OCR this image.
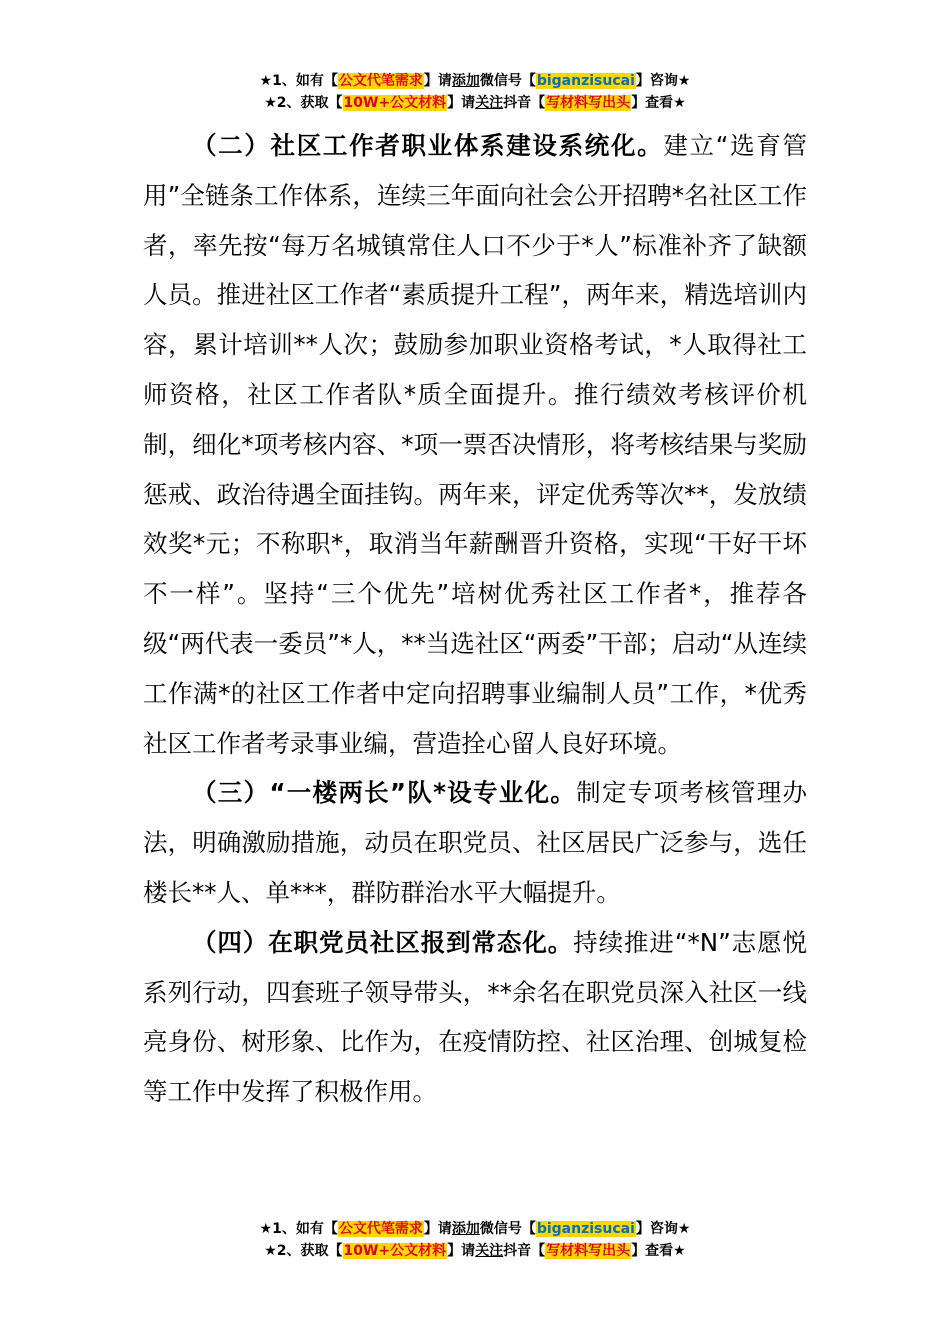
★1、如有【公文代笔需求】请添加微信号【biganzisucai】咨询★
★2、获取【10W+公文材料】请关注抖音【写材料写出头】查看★

（二）社区工作者职业体系建设系统化。建立“选育管用”全链条工作体系，连续三年面向社会公开招聘*名社区工作者，率先按“每万名城镇常住人口不少于*人”标准补齐了缺额人员。推进社区工作者“素质提升工程”，两年来，精选培训内容，累计培训**人次；鼓励参加职业资格考试，*人取得社工师资格，社区工作者队*质全面提升。推行绩效考核评价机制，细化*项考核内容、*项一票否决情形，将考核结果与奖励惩戒、政治待遇全面挂钩。两年来，评定优秀等次**，发放绩效奖*元；不称职*，取消当年薪酬晋升资格，实现“干好干坏不一样”。坚持“三个优先”培树优秀社区工作者*，推荐各级“两代表一委员”*人，**当选社区“两委”干部；启动“从连续工作满*的社区工作者中定向招聘事业编制人员”工作，*优秀社区工作者考录事业编，营造拴心留人良好环境。

（三）“一楼两长”队*设专业化。制定专项考核管理办法，明确激励措施，动员在职党员、社区居民广泛参与，选任楼长**人、单***，群防群治水平大幅提升。

（四）在职党员社区报到常态化。持续推进“*N”志愿悦系列行动，四套班子领导带头，**余名在职党员深入社区一线亮身份、树形象、比作为，在疫情防控、社区治理、创城复检等工作中发挥了积极作用。

★1、如有【公文代笔需求】请添加微信号【biganzisucai】咨询★
★2、获取【10W+公文材料】请关注抖音【写材料写出头】查看★
